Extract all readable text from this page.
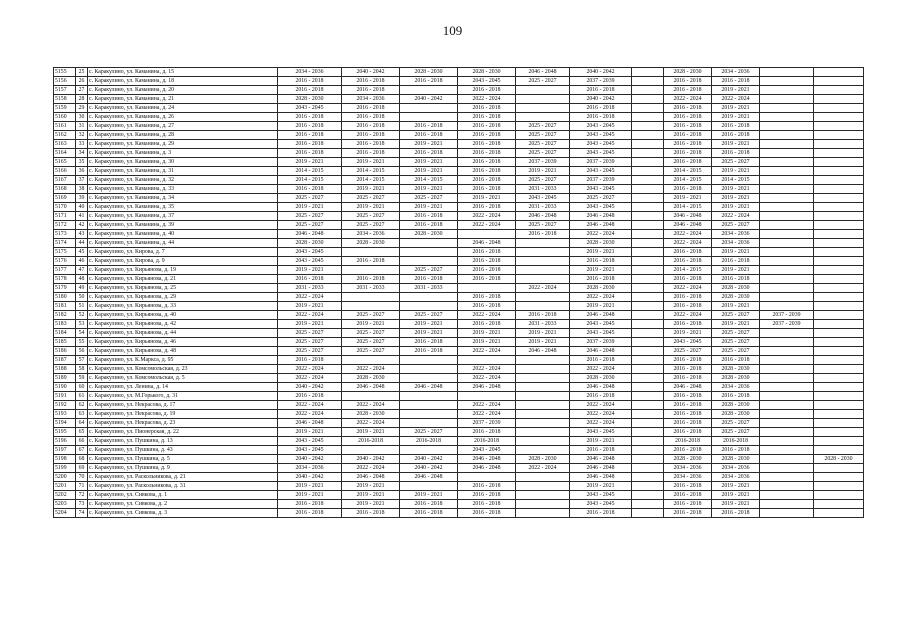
109
5155	25	с. Каракулино, ул. Каманина, д. 15	2034 - 2036	2040 - 2042	2028 - 2030	2028 - 2030	2046 - 2048	2040 - 2042		2028 - 2030	2034 - 2036		
5156	26	с. Каракулино, ул. Каманина, д. 18	2016 - 2018	2016 - 2018	2016 - 2018	2043 - 2045	2025 - 2027	2037 - 2039		2016 - 2018	2016 - 2018		
5157	27	с. Каракулино, ул. Каманина, д. 20	2016 - 2018	2016 - 2018		2016 - 2018		2016 - 2018		2016 - 2018	2019 - 2021		
5158	28	с. Каракулино, ул. Каманина, д. 21	2028 - 2030	2034 - 2036	2040 - 2042	2022 - 2024		2040 - 2042		2022 - 2024	2022 - 2024		
5159	29	с. Каракулино, ул. Каманина, д. 24	2043 - 2045	2016 - 2018		2016 - 2018		2016 - 2018		2016 - 2018	2019 - 2021		
5160	30	с. Каракулино, ул. Каманина, д. 26	2016 - 2018	2016 - 2018		2016 - 2018		2016 - 2018		2016 - 2018	2019 - 2021		
5161	31	с. Каракулино, ул. Каманина, д. 27	2016 - 2018	2016 - 2018	2016 - 2018	2016 - 2018	2025 - 2027	2043 - 2045		2016 - 2018	2016 - 2018		
5162	32	с. Каракулино, ул. Каманина, д. 28	2016 - 2018	2016 - 2018	2016 - 2018	2016 - 2018	2025 - 2027	2043 - 2045		2016 - 2018	2016 - 2018		
5163	33	с. Каракулино, ул. Каманина, д. 29	2016 - 2018	2016 - 2018	2019 - 2021	2016 - 2018	2025 - 2027	2043 - 2045		2016 - 2018	2019 - 2021		
5164	34	с. Каракулино, ул. Каманина, д. 3	2016 - 2018	2016 - 2018	2016 - 2018	2016 - 2018	2025 - 2027	2043 - 2045		2016 - 2018	2016 - 2018		
5165	35	с. Каракулино, ул. Каманина, д. 30	2019 - 2021	2019 - 2021	2019 - 2021	2016 - 2018	2037 - 2039	2037 - 2039		2016 - 2018	2025 - 2027		
5166	36	с. Каракулино, ул. Каманина, д. 31	2014 - 2015	2014 - 2015	2019 - 2021	2016 - 2018	2019 - 2021	2043 - 2045		2014 - 2015	2019 - 2021		
5167	37	с. Каракулино, ул. Каманина, д. 32	2014 - 2015	2014 - 2015	2014 - 2015	2016 - 2018	2025 - 2027	2037 - 2039		2014 - 2015	2014 - 2015		
5168	38	с. Каракулино, ул. Каманина, д. 33	2016 - 2018	2019 - 2021	2019 - 2021	2016 - 2018	2031 - 2033	2043 - 2045		2016 - 2018	2019 - 2021		
5169	39	с. Каракулино, ул. Каманина, д. 34	2025 - 2027	2025 - 2027	2025 - 2027	2019 - 2021	2043 - 2045	2025 - 2027		2019 - 2021	2019 - 2021		
5170	40	с. Каракулино, ул. Каманина, д. 35	2019 - 2021	2019 - 2021	2019 - 2021	2016 - 2018	2031 - 2033	2043 - 2045		2014 - 2015	2019 - 2021		
5171	41	с. Каракулино, ул. Каманина, д. 37	2025 - 2027	2025 - 2027	2016 - 2018	2022 - 2024	2046 - 2048	2046 - 2048		2046 - 2048	2022 - 2024		
5172	42	с. Каракулино, ул. Каманина, д. 39	2025 - 2027	2025 - 2027	2016 - 2018	2022 - 2024	2025 - 2027	2046 - 2048		2046 - 2048	2025 - 2027		
5173	43	с. Каракулино, ул. Каманина, д. 40	2046 - 2048	2034 - 2036	2028 - 2030		2016 - 2018	2022 - 2024		2022 - 2024	2034 - 2036		
5174	44	с. Каракулино, ул. Каманина, д. 44	2028 - 2030	2028 - 2030		2046 - 2048		2028 - 2030		2022 - 2024	2034 - 2036		
5175	45	с. Каракулино, ул. Кирова, д. 7	2043 - 2045			2016 - 2018		2019 - 2021		2016 - 2018	2019 - 2021		
5176	46	с. Каракулино, ул. Кирова, д. 9	2043 - 2045	2016 - 2018		2016 - 2018		2016 - 2018		2016 - 2018	2016 - 2018		
5177	47	с. Каракулино, ул. Кирьянова, д. 19	2019 - 2021		2025 - 2027	2016 - 2018		2019 - 2021		2014 - 2015	2019 - 2021		
5178	48	с. Каракулино, ул. Кирьянова, д. 21	2016 - 2018	2016 - 2018	2016 - 2018	2016 - 2018		2016 - 2018		2016 - 2018	2016 - 2018		
5179	49	с. Каракулино, ул. Кирьянова, д. 25	2031 - 2033	2031 - 2033	2031 - 2033		2022 - 2024	2028 - 2030		2022 - 2024	2028 - 2030		
5180	50	с. Каракулино, ул. Кирьянова, д. 29	2022 - 2024			2016 - 2018		2022 - 2024		2016 - 2018	2028 - 2030		
5181	51	с. Каракулино, ул. Кирьянова, д. 33	2019 - 2021			2016 - 2018		2019 - 2021		2016 - 2018	2019 - 2021		
5182	52	с. Каракулино, ул. Кирьянова, д. 40	2022 - 2024	2025 - 2027	2025 - 2027	2022 - 2024	2016 - 2018	2046 - 2048		2022 - 2024	2025 - 2027	2037 - 2039	
5183	53	с. Каракулино, ул. Кирьянова, д. 42	2019 - 2021	2019 - 2021	2019 - 2021	2016 - 2018	2031 - 2033	2043 - 2045		2016 - 2018	2019 - 2021	2037 - 2039	
5184	54	с. Каракулино, ул. Кирьянова, д. 44	2025 - 2027	2025 - 2027	2019 - 2021	2019 - 2021	2019 - 2021	2043 - 2045		2019 - 2021	2025 - 2027		
5185	55	с. Каракулино, ул. Кирьянова, д. 46	2025 - 2027	2025 - 2027	2016 - 2018	2019 - 2021	2019 - 2021	2037 - 2039		2043 - 2045	2025 - 2027		
5186	56	с. Каракулино, ул. Кирьянова, д. 48	2025 - 2027	2025 - 2027	2016 - 2018	2022 - 2024	2046 - 2048	2046 - 2048		2025 - 2027	2025 - 2027		
5187	57	с. Каракулино, ул. К.Маркса, д. 95	2016 - 2018					2016 - 2018		2016 - 2018	2016 - 2018		
5188	58	с. Каракулино, ул. Комсомольская, д. 23	2022 - 2024	2022 - 2024		2022 - 2024		2022 - 2024		2016 - 2018	2028 - 2030		
5189	59	с. Каракулино, ул. Комсомольская, д. 5	2022 - 2024	2028 - 2030		2022 - 2024		2028 - 2030		2016 - 2018	2028 - 2030		
5190	60	с. Каракулино, ул. Ленина, д. 14	2040 - 2042	2046 - 2048	2046 - 2048	2046 - 2048		2046 - 2048		2046 - 2048	2034 - 2036		
5191	61	с. Каракулино, ул. М.Горького, д. 31	2016 - 2018					2016 - 2018		2016 - 2018	2016 - 2018		
5192	62	с. Каракулино, ул. Некрасова, д. 17	2022 - 2024	2022 - 2024		2022 - 2024		2022 - 2024		2016 - 2018	2028 - 2030		
5193	63	с. Каракулино, ул. Некрасова, д. 19	2022 - 2024	2028 - 2030		2022 - 2024		2022 - 2024		2016 - 2018	2028 - 2030		
5194	64	с. Каракулино, ул. Некрасова, д. 23	2046 - 2048	2022 - 2024		2037 - 2039		2022 - 2024		2016 - 2018	2025 - 2027		
5195	65	с. Каракулино, ул. Пионерская, д. 22	2019 - 2021	2019 - 2021	2025 - 2027	2016 - 2018		2043 - 2045		2016 - 2018	2025 - 2027		
5196	66	с. Каракулино, ул. Пушкина, д. 13	2043 - 2045	2016-2018	2016-2018	2016-2018		2019 - 2021		2016-2018	2016-2018		
5197	67	с. Каракулино, ул. Пушкина, д. 43	2043 - 2045			2043 - 2045		2016 - 2018		2016 - 2018	2016 - 2018		
5198	68	с. Каракулино, ул. Пушкина, д. 5	2040 - 2042	2040 - 2042	2040 - 2042	2046 - 2048	2028 - 2030	2046 - 2048		2028 - 2030	2028 - 2030		2028 - 2030
5199	69	с. Каракулино, ул. Пушкина, д. 9	2034 - 2036	2022 - 2024	2040 - 2042	2046 - 2048	2022 - 2024	2046 - 2048		2034 - 2036	2034 - 2036		
5200	70	с. Каракулино, ул. Раскольникова, д. 21	2040 - 2042	2046 - 2048	2046 - 2048			2046 - 2048		2034 - 2036	2034 - 2036		
5201	71	с. Каракулино, ул. Раскольникова, д. 31	2019 - 2021	2019 - 2021		2016 - 2018		2019 - 2021		2016 - 2018	2019 - 2021		
5202	72	с. Каракулино, ул. Сивкова, д. 1	2019 - 2021	2019 - 2021	2019 - 2021	2016 - 2018		2043 - 2045		2016 - 2018	2019 - 2021		
5203	73	с. Каракулино, ул. Сивкова, д. 2	2016 - 2018	2019 - 2021	2016 - 2018	2016 - 2018		2043 - 2045		2016 - 2018	2019 - 2021		
5204	74	с. Каракулино, ул. Сивкова, д. 3	2016 - 2018	2016 - 2018	2016 - 2018	2016 - 2018		2016 - 2018		2016 - 2018	2016 - 2018		
